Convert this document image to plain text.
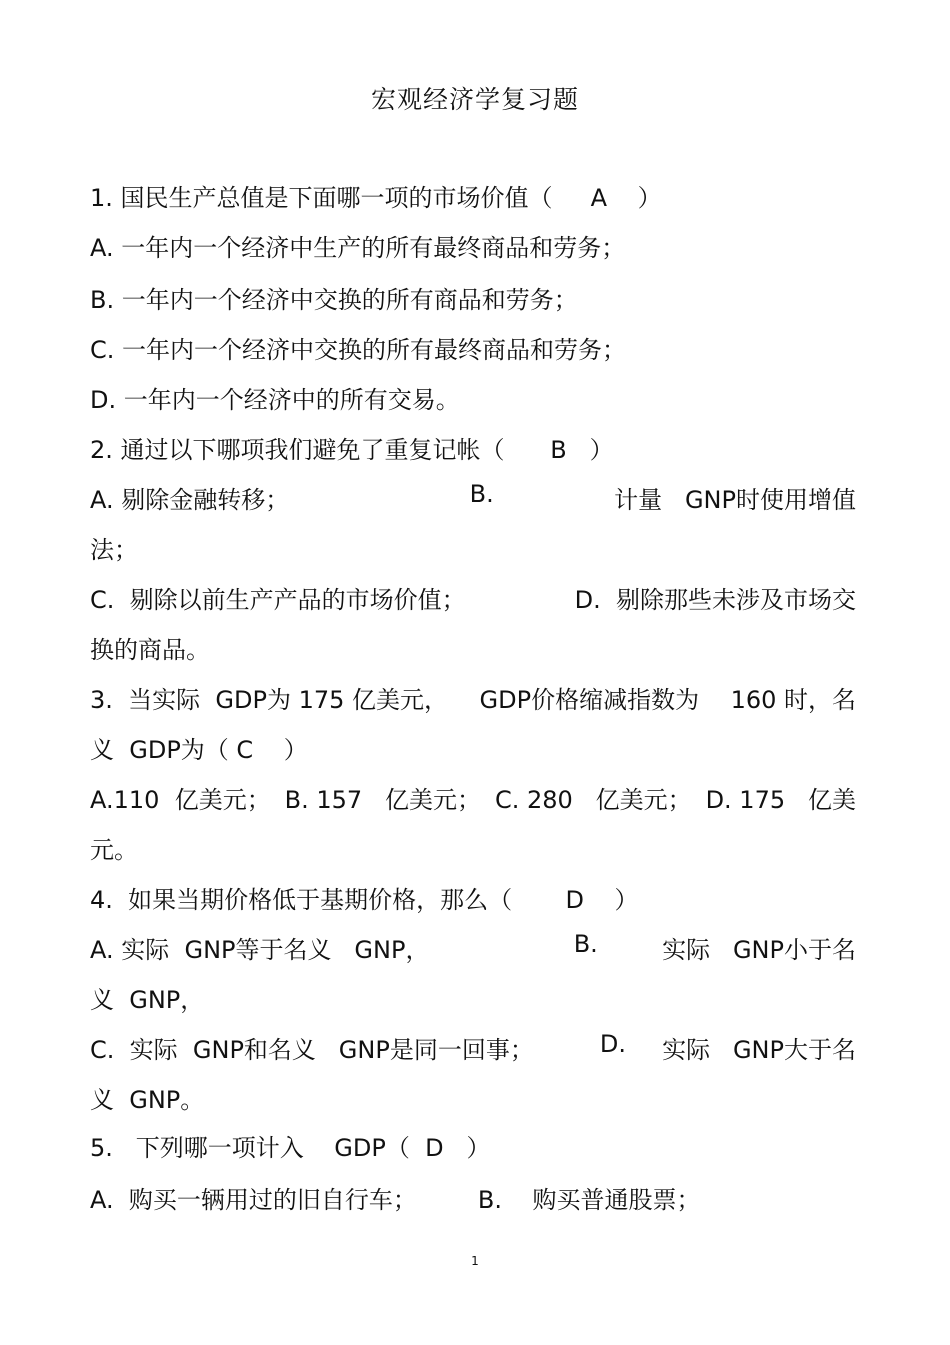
宏观经济学复习题
1. 国民生产总值是下面哪一项的市场价值（     A    ）
A. 一年内一个经济中生产的所有最终商品和劳务；
B. 一年内一个经济中交换的所有商品和劳务；
C. 一年内一个经济中交换的所有最终商品和劳务；
D. 一年内一个经济中的所有交易。
2. 通过以下哪项我们避免了重复记帐（      B   ）
A. 剔除金融转移；	B.	计量   GNP时使用增值
法；
C.  剔除以前生产产品的市场价值；	D.  剔除那些未涉及市场交
换的商品。
3.  当实际  GDP为 175 亿美元， GDP价格缩减指数为 160 时，名
义  GDP为（ C    ）
A.110  亿美元； B. 157   亿美元； C. 280   亿美元； D. 175   亿美
元。
4.  如果当期价格低于基期价格，那么（       D    ）
A. 实际  GNP等于名义   GNP，	B.	实际   GNP小于名
义  GNP，
C.  实际  GNP和名义   GNP是同一回事；	D. 实际   GNP大于名
义  GNP。
5.   下列哪一项计入    GDP（  D   ）
A.  购买一辆用过的旧自行车；        B.    购买普通股票；
1
